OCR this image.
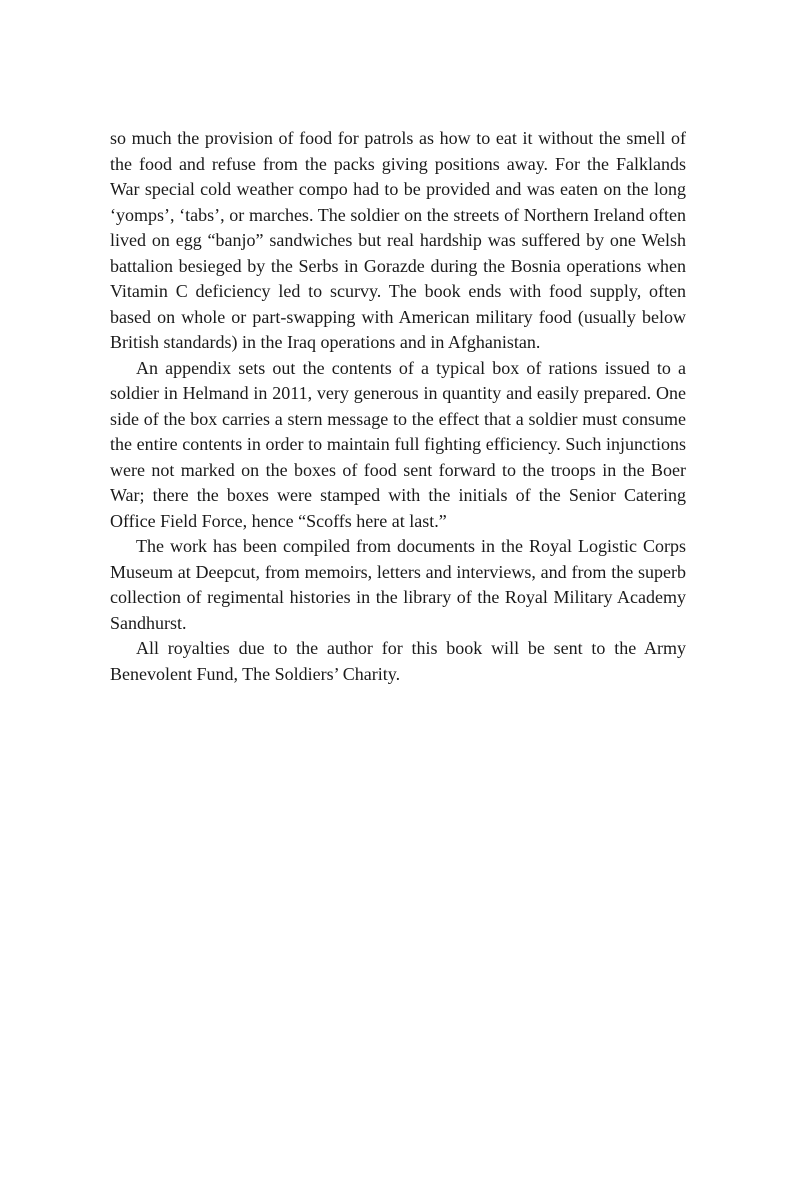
so much the provision of food for patrols as how to eat it without the smell of the food and refuse from the packs giving positions away. For the Falklands War special cold weather compo had to be provided and was eaten on the long ‘yomps’, ‘tabs’, or marches. The soldier on the streets of Northern Ireland often lived on egg “banjo” sandwiches but real hardship was suffered by one Welsh battalion besieged by the Serbs in Gorazde during the Bosnia operations when Vitamin C deficiency led to scurvy. The book ends with food supply, often based on whole or part-swapping with American military food (usually below British standards) in the Iraq operations and in Afghanistan.

An appendix sets out the contents of a typical box of rations issued to a soldier in Helmand in 2011, very generous in quantity and easily prepared. One side of the box carries a stern message to the effect that a soldier must consume the entire contents in order to maintain full fighting efficiency. Such injunctions were not marked on the boxes of food sent forward to the troops in the Boer War; there the boxes were stamped with the initials of the Senior Catering Office Field Force, hence “Scoffs here at last.”

The work has been compiled from documents in the Royal Logistic Corps Museum at Deepcut, from memoirs, letters and interviews, and from the superb collection of regimental histories in the library of the Royal Military Academy Sandhurst.

All royalties due to the author for this book will be sent to the Army Benevolent Fund, The Soldiers’ Charity.
